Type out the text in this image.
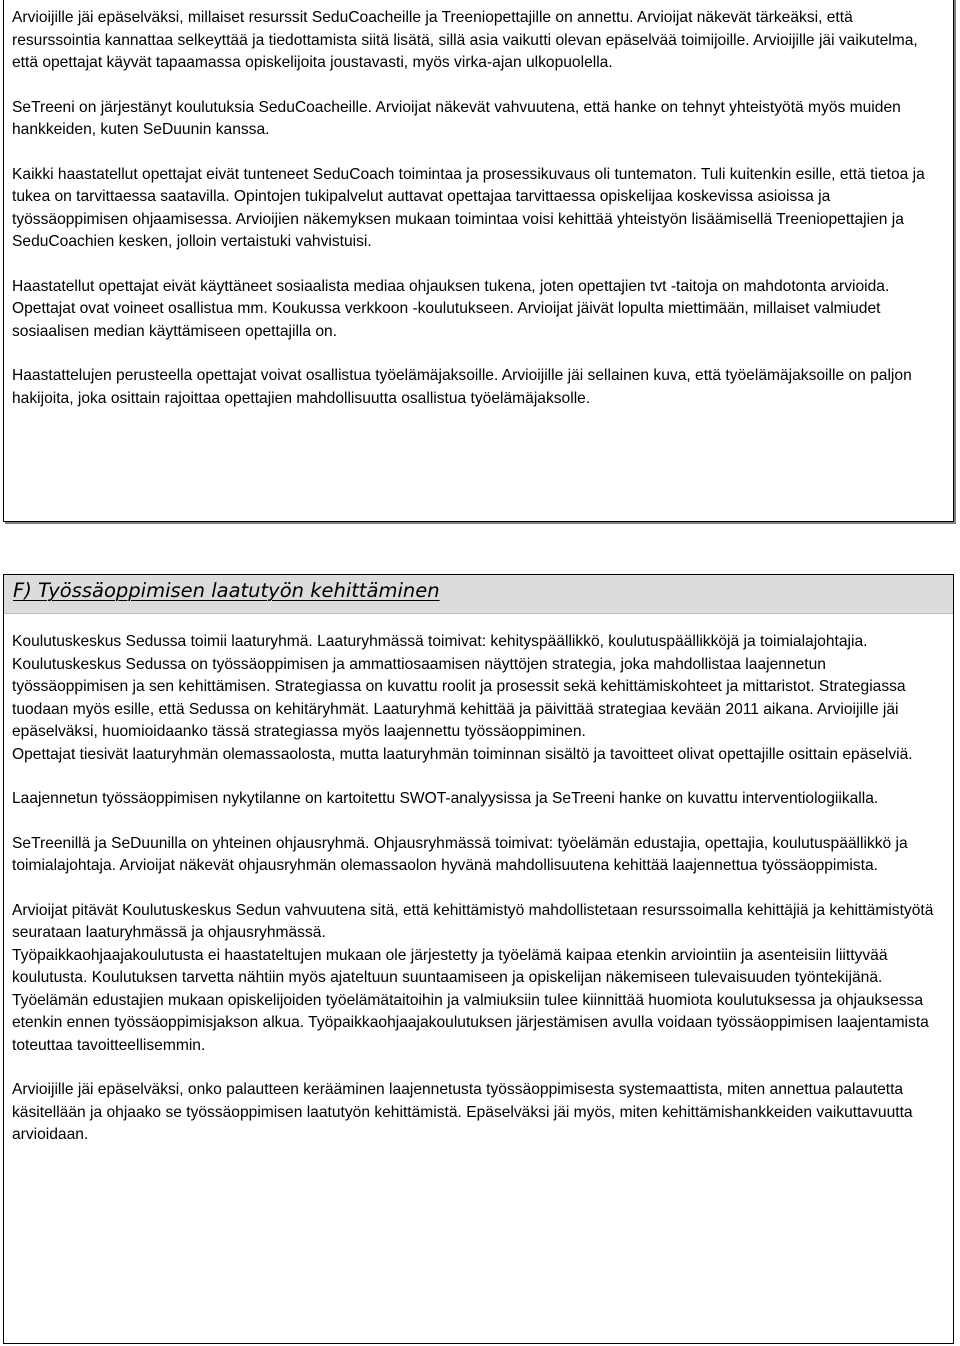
Arvioijille jäi epäselväksi, millaiset resurssit SeduCoacheille ja Treeniopettajille on annettu. Arvioijat näkevät tärkeäksi, että resurssointia kannattaa selkeyttää ja tiedottamista siitä lisätä, sillä asia vaikutti olevan epäselvää toimijoille. Arvioijille jäi vaikutelma, että opettajat käyvät tapaamassa opiskelijoita joustavasti, myös virka-ajan ulkopuolella.

SeTreeni on järjestänyt koulutuksia SeduCoacheille. Arvioijat näkevät vahvuutena, että hanke on tehnyt yhteistyötä myös muiden hankkeiden, kuten SeDuunin kanssa.

Kaikki haastatellut opettajat eivät tunteneet SeduCoach toimintaa ja prosessikuvaus oli tuntematon. Tuli kuitenkin esille, että tietoa ja tukea on tarvittaessa saatavilla. Opintojen tukipalvelut auttavat opettajaa tarvittaessa opiskelijaa koskevissa asioissa ja työssäoppimisen ohjaamisessa. Arvioijien näkemyksen mukaan toimintaa voisi kehittää yhteistyön lisäämisellä Treeniopettajien ja SeduCoachien kesken, jolloin vertaistuki vahvistuisi.

Haastatellut opettajat eivät käyttäneet sosiaalista mediaa ohjauksen tukena, joten opettajien tvt -taitoja on mahdotonta arvioida. Opettajat ovat voineet osallistua mm. Koukussa verkkoon -koulutukseen. Arvioijat jäivät lopulta miettimään, millaiset valmiudet sosiaalisen median käyttämiseen opettajilla on.

Haastattelujen perusteella opettajat voivat osallistua työelämäjaksoille. Arvioijille jäi sellainen kuva, että työelämäjaksoille on paljon hakijoita, joka osittain rajoittaa opettajien mahdollisuutta osallistua työelämäjaksolle.

F) Työssäoppimisen laatutyön kehittäminen

Koulutuskeskus Sedussa toimii laaturyhmä. Laaturyhmässä toimivat: kehityspäällikkö, koulutuspäällikköjä ja toimialajohtajia. Koulutuskeskus Sedussa on työssäoppimisen ja ammattiosaamisen näyttöjen strategia, joka mahdollistaa laajennetun työssäoppimisen ja sen kehittämisen. Strategiassa on kuvattu roolit ja prosessit sekä kehittämiskohteet ja mittaristot. Strategiassa tuodaan myös esille, että Sedussa on kehitäryhmät. Laaturyhmä kehittää ja päivittää strategiaa kevään 2011 aikana. Arvioijille jäi epäselväksi, huomioidaanko tässä strategiassa myös laajennettu työssäoppiminen.

Opettajat tiesivät laaturyhmän olemassaolosta, mutta laaturyhmän toiminnan sisältö ja tavoitteet olivat opettajille osittain epäselviä.

Laajennetun työssäoppimisen nykytilanne on kartoitettu SWOT-analyysissa ja SeTreeni hanke on kuvattu interventiologiikalla.

SeTreenillä ja SeDuunilla on yhteinen ohjausryhmä. Ohjausryhmässä toimivat: työelämän edustajia, opettajia, koulutuspäällikkö ja toimialajohtaja. Arvioijat näkevät ohjausryhmän olemassaolon hyvänä mahdollisuutena kehittää laajennettua työssäoppimista.

Arvioijat pitävät Koulutuskeskus Sedun vahvuutena sitä, että kehittämistyö mahdollistetaan resurssoimalla kehittäjiä ja kehittämistyötä seurataan laaturyhmässä ja ohjausryhmässä.

Työpaikkaohjaajakoulutusta ei haastateltujen mukaan ole järjestetty ja työelämä kaipaa etenkin arviointiin ja asenteisiin liittyvää koulutusta. Koulutuksen tarvetta nähtiin myös ajateltuun suuntaamiseen ja opiskelijan näkemiseen tulevaisuuden työntekijänä. Työelämän edustajien mukaan opiskelijoiden työelämätaitoihin ja valmiuksiin tulee kiinnittää huomiota koulutuksessa ja ohjauksessa etenkin ennen työssäoppimisjakson alkua. Työpaikkaohjaajakoulutuksen järjestämisen avulla voidaan työssäoppimisen laajentamista toteuttaa tavoitteellisemmin.

Arvioijille jäi epäselväksi, onko palautteen kerääminen laajennetusta työssäoppimisesta systemaattista, miten annettua palautetta käsitellään ja ohjaako se työssäoppimisen laatutyön kehittämistä. Epäselväksi jäi myös, miten kehittämishankkeiden vaikuttavuutta arvioidaan.
